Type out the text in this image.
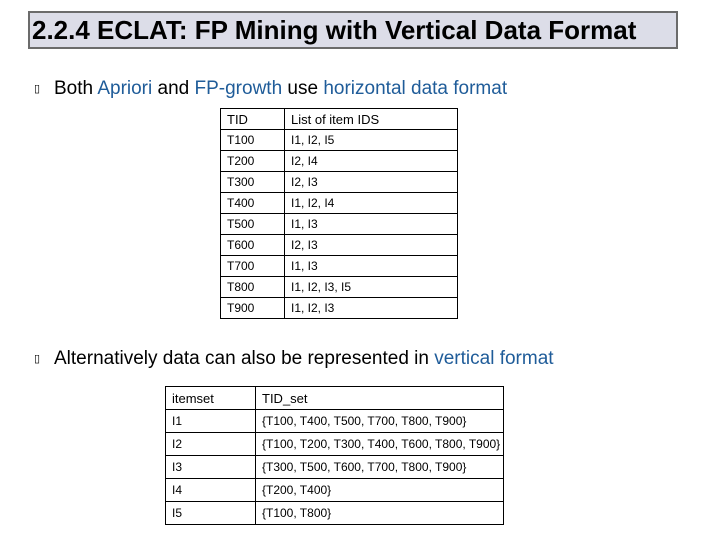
2.2.4 ECLAT: FP Mining with Vertical Data Format
▯ Both Apriori and FP-growth use horizontal data format
TID	List of item IDS
T100	I1, I2, I5
T200	I2, I4
T300	I2, I3
T400	I1, I2, I4
T500	I1, I3
T600	I2, I3
T700	I1, I3
T800	I1, I2, I3, I5
T900	I1, I2, I3
▯ Alternatively data can also be represented in vertical format
itemset	TID_set
I1	{T100, T400, T500, T700, T800, T900}
I2	{T100, T200, T300, T400, T600, T800, T900}
I3	{T300, T500, T600, T700, T800, T900}
I4	{T200, T400}
I5	{T100, T800}
